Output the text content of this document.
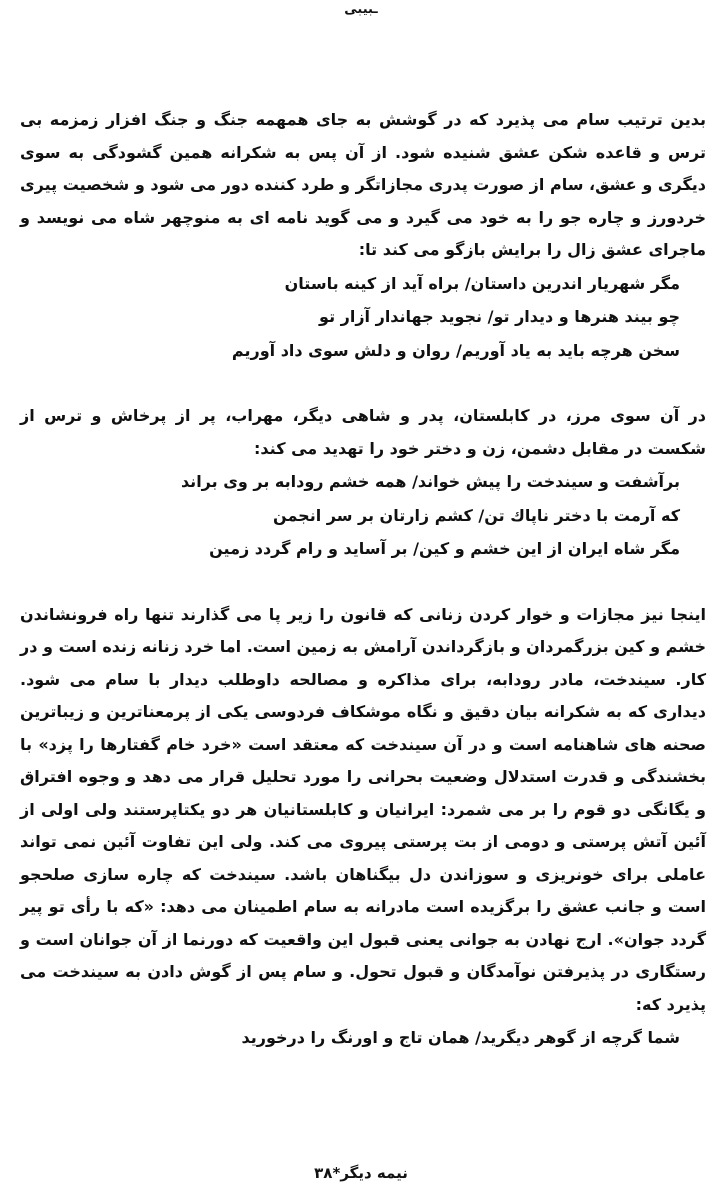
ـبیبی

بدین ترتیب سام می پذیرد که در گوشش به جای همهمه جنگ و جنگ افزار زمزمه بی ترس و قاعده شکن عشق شنیده شود. از آن پس به شکرانه همین گشودگی به سوی دیگری و عشق، سام از صورت پدری مجازاتگر و طرد کننده دور می شود و شخصیت پیری خردورز و چاره جو را به خود می گیرد و می گوید نامه ای به منوچهر شاه می نویسد و ماجرای عشق زال را برایش بازگو می کند تا:

مگر شهریار اندرین داستان/ براه آید از کینه باستان

چو بیند هنرها و دیدار تو/ نجوید جهاندار آزار تو

سخن هرچه باید به یاد آوریم/ روان و دلش سوی داد آوریم

در آن سوی مرز، در کابلستان، پدر و شاهی دیگر، مهراب، پر از پرخاش و ترس از شکست در مقابل دشمن، زن و دختر خود را تهدید می کند:

برآشفت و سیندخت را پیش خواند/ همه خشم رودابه بر وی براند

که آرمت با دختر ناپاك تن/ کشم زارتان بر سر انجمن

مگر شاه ایران از این خشم و کین/ بر آساید و رام گردد زمین

اینجا نیز مجازات و خوار کردن زنانی که قانون را زیر پا می گذارند تنها راه فرونشاندن خشم و کین بزرگمردان و بازگرداندن آرامش به زمین است. اما خرد زنانه زنده است و در کار. سیندخت، مادر رودابه، برای مذاکره و مصالحه داوطلب دیدار با سام می شود. دیداری که به شکرانه بیان دقیق و نگاه موشکاف فردوسی یکی از پرمعناترین و زیباترین صحنه های شاهنامه است و در آن سیندخت که معتقد است «خرد خام گفتارها را پزد» با بخشندگی و قدرت استدلال وضعیت بحرانی را مورد تحلیل قرار می دهد و وجوه افتراق و یگانگی دو قوم را بر می شمرد: ایرانیان و کابلستانیان هر دو یکتاپرستند ولی اولی از آئین آتش پرستی و دومی از بت پرستی پیروی می کند. ولی این تفاوت آئین نمی تواند عاملی برای خونریزی و سوزاندن دل بیگناهان باشد. سیندخت که چاره سازی صلحجو است و جانب عشق را برگزیده است مادرانه به سام اطمینان می دهد: «که با رأی تو پیر گردد جوان». ارج نهادن به جوانی یعنی قبول این واقعیت که دورنما از آن جوانان است و رستگاری در پذیرفتن نوآمدگان و قبول تحول. و سام پس از گوش دادن به سیندخت می پذیرد که:

شما گرچه از گوهر دیگرید/ همان تاج و اورنگ را درخورید

نیمه دیگر*۳۸
